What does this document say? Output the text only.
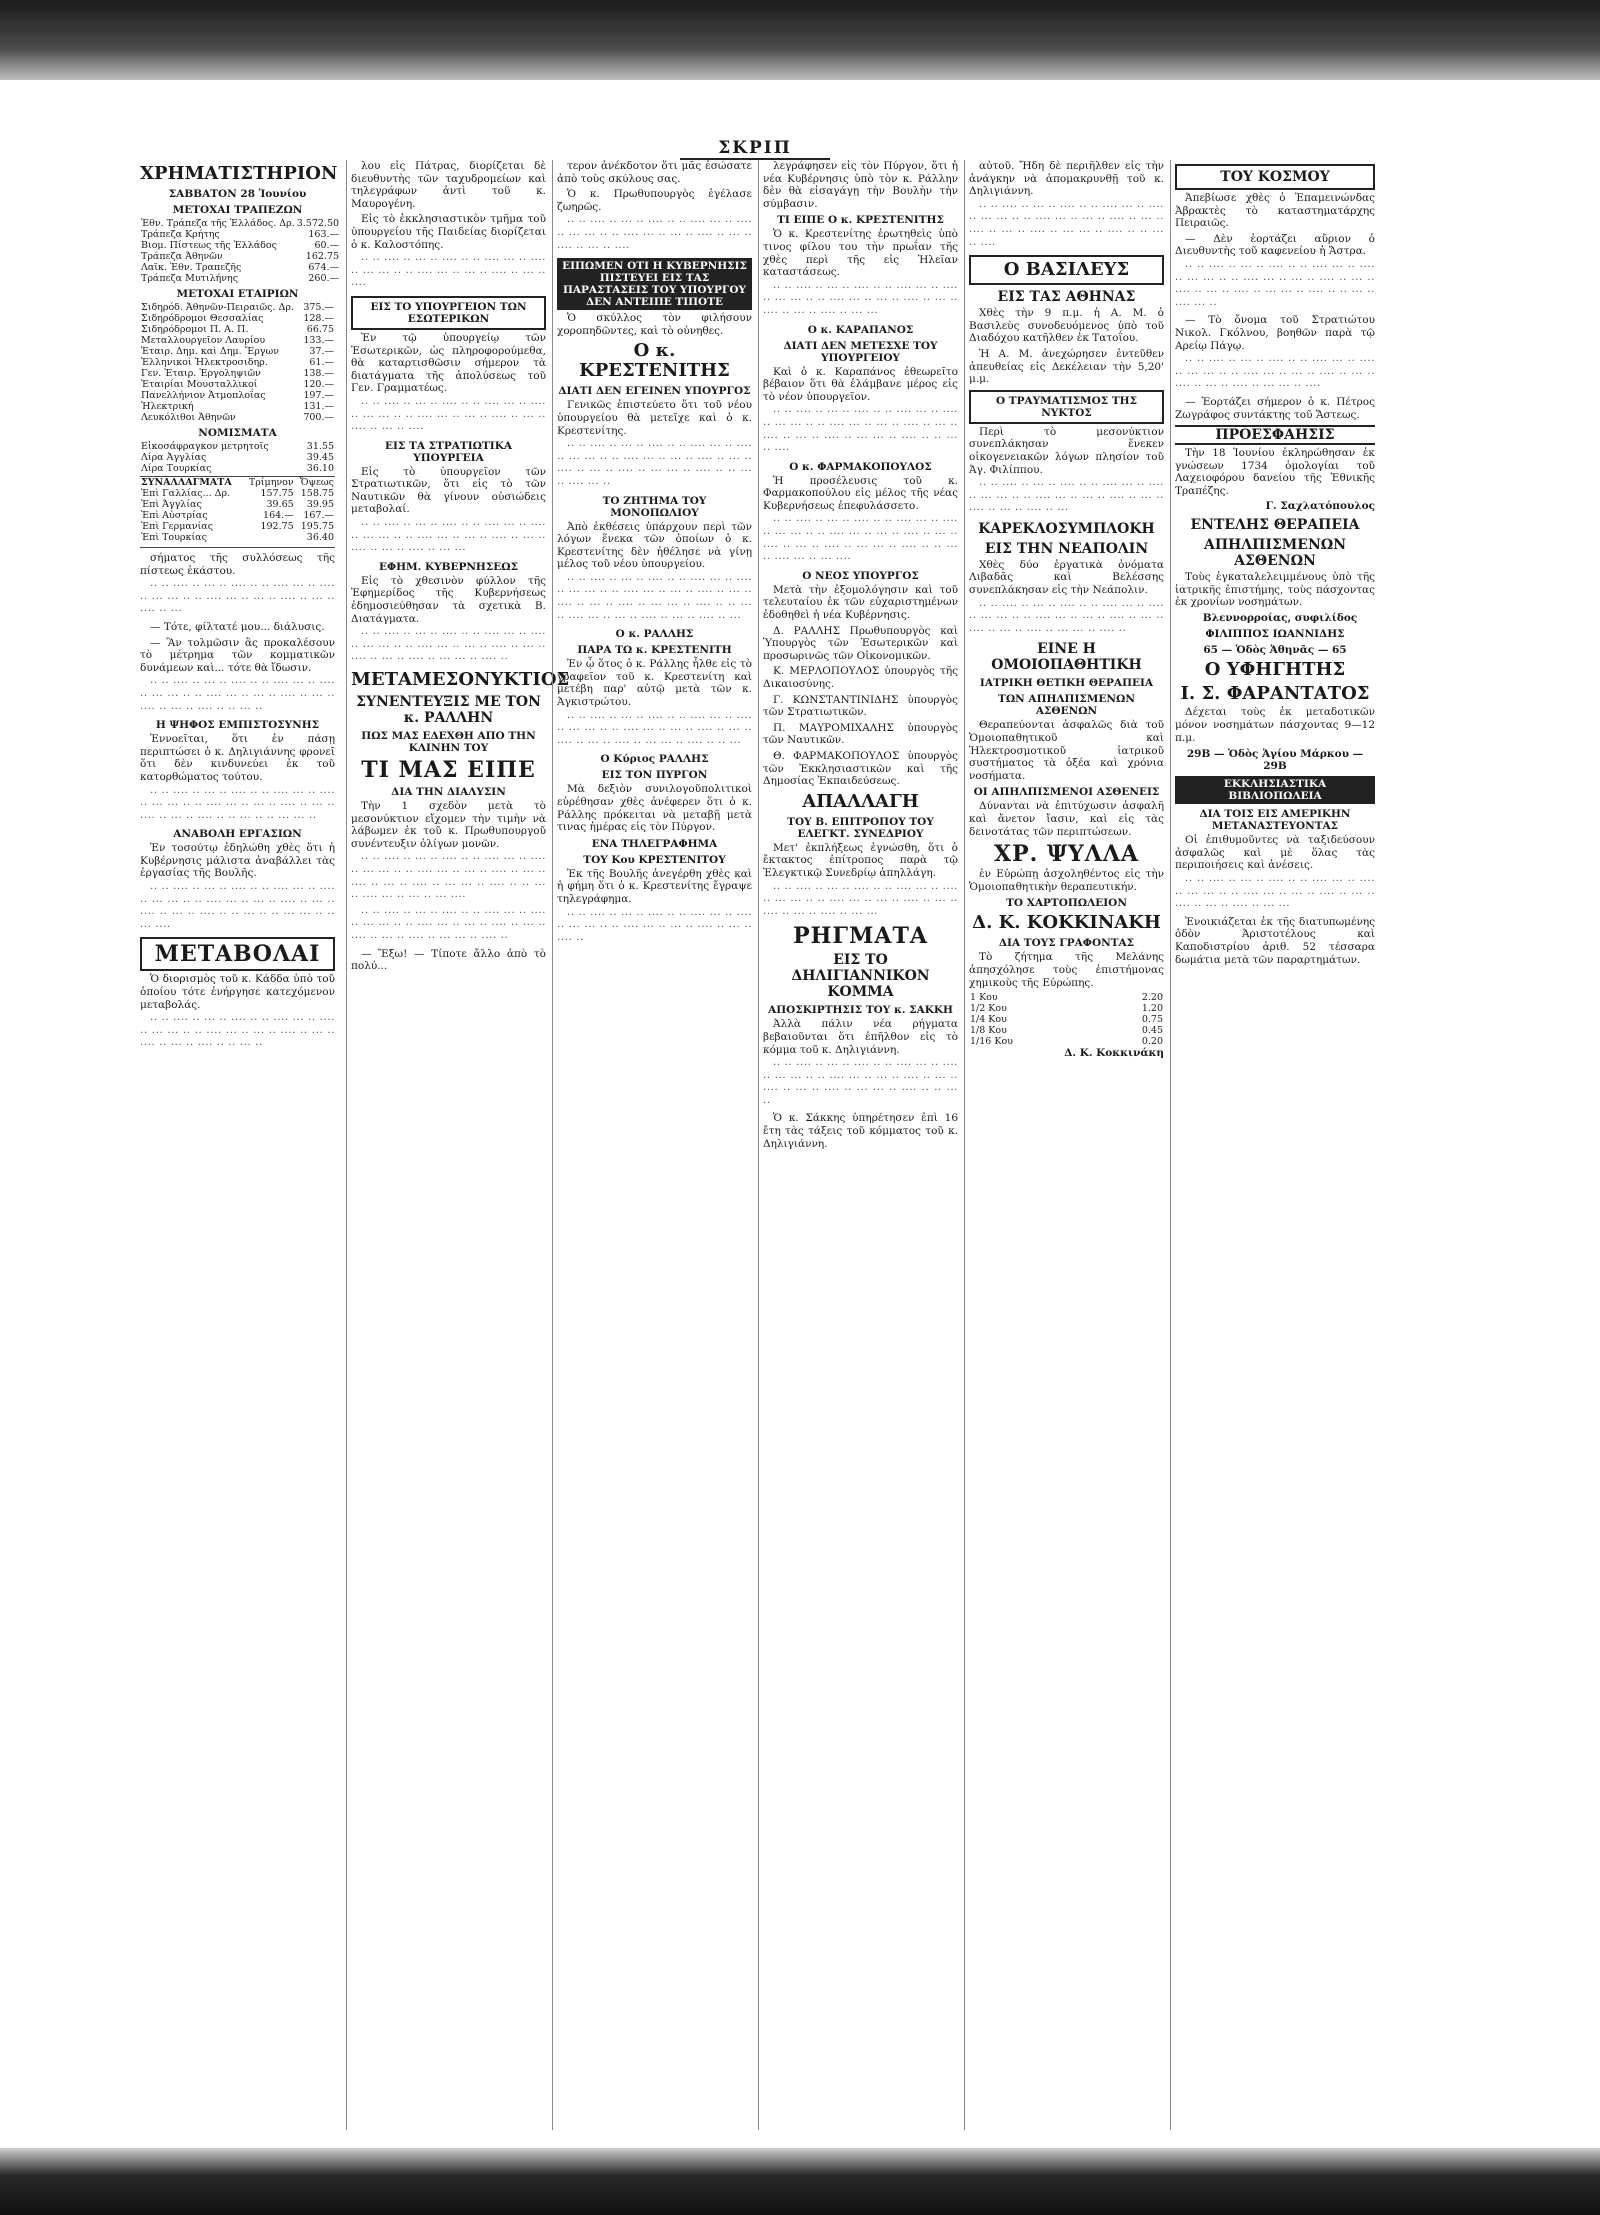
ΣΚΡΙΠ
ΧΡΗΜΑΤΙΣΤΗΡΙΟΝ
ΣΑΒΒΑΤΟΝ 28 Ἰουνίου
ΜΕΤΟΧΑΙ ΤΡΑΠΕΖΩΝ
Ἐθν. Τράπεζα τῆς Ἑλλάδος. Δρ.	3.572.50
Τράπεζα Κρήτης	163.—
Βιομ. Πίστεως τῆς Ἑλλάδος	60.—
Τράπεζα Ἀθηνῶν	162.75
Λαϊκ. Ἐθν. Τραπεζῆς	674.—
Τράπεζα Μυτιλήνης	260.—
ΜΕΤΟΧΑΙ ΕΤΑΙΡΙΩΝ
Σιδηρόδ. Ἀθηνῶν-Πειραιῶς. Δρ.	375.—
Σιδηρόδρομοι Θεσσαλίας	128.—
Σιδηρόδρομοι Π. Α. Π.	66.75
Μεταλλουργεῖον Λαυρίου	133.—
Ἑταιρ. Δημ. καὶ Δημ. Ἔργων	37.—
Ἑλληνικοὶ Ἠλεκτροσιδηρ.	61.—
Γεν. Ἑταιρ. Ἐργοληψιῶν	138.—
Ἑταιρίαι Μουσταλλικοί	120.—
Πανελλήνιον Ἀτμοπλοΐας	197.—
Ἠλεκτρική	131.—
Λευκόλιθοι Ἀθηνῶν	700.—
ΝΟΜΙΣΜΑΤΑ
Εἰκοσάφραγκον μετρητοῖς	31.55
Λίρα Ἀγγλίας	39.45
Λίρα Τουρκίας	36.10
ΣΥΝΑΛΛΑΓΜΑΤΑ	Τρίμηνον	Ὄψεως
Ἐπὶ Γαλλίας... Δρ.	157.75	158.75
Ἐπὶ Ἀγγλίας	39.65	39.95
Ἐπὶ Αὐστρίας	164.—	167.—
Ἐπὶ Γερμανίας	192.75	195.75
Ἐπὶ Τουρκίας		36.40

σήματος τῆς συλλόσεως τῆς πίστεως ἐκάστου.

·· ·· ···· ·· ··· ·· ···· ·· ·· ···· ··· ·· ···· ·· ··· ··· ·· ·· ···· ··· ·· ··· ·· ···· ·· ··· ·· ···· ·· ···

— Τότε, φίλτατέ μου... διάλυσις.

— Ἂν τολμῶσιν ἂς προκαλέσουν τὸ μέτρημα τῶν κομματικῶν δυνάμεων καὶ... τότε θὰ ἴδωσιν.

·· ·· ···· ·· ··· ·· ···· ·· ·· ···· ··· ·· ···· ·· ··· ··· ·· ·· ···· ··· ·· ··· ·· ···· ·· ··· ·· ···· ·· ··· ·· ···· ·· ·· ··· ··

Η ΨΗΦΟΣ ΕΜΠΙΣΤΟΣΥΝΗΣ

Ἐννοεῖται, ὅτι ἐν πάσῃ περιπτώσει ὁ κ. Δηλιγιάννης φρονεῖ ὅτι δὲν κινδυνεύει ἐκ τοῦ κατορθώματος τούτου.

·· ·· ···· ·· ··· ·· ···· ·· ·· ···· ··· ·· ···· ·· ··· ··· ·· ·· ···· ··· ·· ··· ·· ···· ·· ··· ·· ···· ·· ··· ·· ···· ·· ·· ··· ·· ·· ··· ··· ··

ΑΝΑΒΟΛΗ ΕΡΓΑΣΙΩΝ

Ἐν τοσούτῳ ἐδηλώθη χθὲς ὅτι ἡ Κυβέρνησις μάλιστα ἀναβάλλει τὰς ἐργασίας τῆς Βουλῆς.

·· ·· ···· ·· ··· ·· ···· ·· ·· ···· ··· ·· ···· ·· ··· ··· ·· ·· ···· ··· ·· ··· ·· ···· ·· ··· ·· ···· ·· ··· ·· ···· ·· ·· ··· ·· ·· ··· ··· ·· ·· ··· ····

ΜΕΤΑΒΟΛΑΙ

Ὁ διορισμὸς τοῦ κ. Κάδδα ὑπὸ τοῦ ὁποίου τότε ἐνήργησε κατεχόμενον μεταβολάς.

·· ·· ···· ·· ··· ·· ···· ·· ·· ···· ··· ·· ···· ·· ··· ··· ·· ·· ···· ··· ·· ··· ·· ···· ·· ··· ·· ···· ·· ··· ·· ···· ·· ·· ··· ··

λου εἰς Πάτρας, διορίζεται δὲ διευθυντὴς τῶν ταχυδρομείων καὶ τηλεγράφων ἀντὶ τοῦ κ. Μαυρογένη.

Εἰς τὸ ἐκκλησιαστικὸν τμῆμα τοῦ ὑπουργείου τῆς Παιδείας διορίζεται ὁ κ. Καλοστόπης.

·· ·· ···· ·· ··· ·· ···· ·· ·· ···· ··· ·· ···· ·· ··· ··· ·· ·· ···· ··· ·· ··· ·· ···· ·· ··· ·· ····

ΕΙΣ ΤΟ ΥΠΟΥΡΓΕΙΟΝ ΤΩΝ ΕΣΩΤΕΡΙΚΩΝ

Ἐν τῷ ὑπουργείῳ τῶν Ἐσωτερικῶν, ὡς πληροφορούμεθα, θὰ καταρτισθῶσιν σήμερον τὰ διατάγματα τῆς ἀπολύσεως τοῦ Γεν. Γραμματέως.

·· ·· ···· ·· ··· ·· ···· ·· ·· ···· ··· ·· ···· ·· ··· ··· ·· ·· ···· ··· ·· ··· ·· ···· ·· ··· ·· ···· ·· ··· ·· ····

ΕΙΣ ΤΑ ΣΤΡΑΤΙΩΤΙΚΑ ΥΠΟΥΡΓΕΙΑ

Εἰς τὸ ὑπουργεῖον τῶν Στρατιωτικῶν, ὅτι εἰς τὸ τῶν Ναυτικῶν θὰ γίνουν οὐσιώδεις μεταβολαί.

·· ·· ···· ·· ··· ·· ···· ·· ·· ···· ··· ·· ···· ·· ··· ··· ·· ·· ···· ··· ·· ··· ·· ···· ·· ··· ·· ···· ·· ··· ·· ···· ·· ··· ···

ΕΦΗΜ. ΚΥΒΕΡΝΗΣΕΩΣ

Εἰς τὸ χθεσινὸν φύλλον τῆς Ἐφημερίδος τῆς Κυβερνήσεως ἐδημοσιεύθησαν τὰ σχετικὰ Β. Διατάγματα.

·· ·· ···· ·· ··· ·· ···· ·· ·· ···· ··· ·· ···· ·· ··· ··· ·· ·· ···· ··· ·· ··· ·· ···· ·· ··· ·· ···· ·· ··· ·· ···· ·· ··· ··· ·· ···· ··

ΜΕΤΑΜΕΣΟΝΥΚΤΙΟΣ
ΣΥΝΕΝΤΕΥΞΙΣ ΜΕ ΤΟΝ κ. ΡΑΛΛΗΝ
ΠΩΣ ΜΑΣ ΕΔΕΧΘΗ ΑΠΟ ΤΗΝ ΚΛΙΝΗΝ ΤΟΥ
ΤΙ ΜΑΣ ΕΙΠΕ
ΔΙΑ ΤΗΝ ΔΙΑΛΥΣΙΝ

Τὴν 1 σχεδὸν μετὰ τὸ μεσονύκτιον εἴχομεν τὴν τιμὴν νὰ λάβωμεν ἐκ τοῦ κ. Πρωθυπουργοῦ συνέντευξιν ὀλίγων μονῶν.

·· ·· ···· ·· ··· ·· ···· ·· ·· ···· ··· ·· ···· ·· ··· ··· ·· ·· ···· ··· ·· ··· ·· ···· ·· ··· ·· ···· ·· ··· ·· ···· ·· ··· ··· ·· ···· ·· ·· ··· ·· ···· ··· ·· ··· ·· ··· ····

·· ·· ···· ·· ··· ·· ···· ·· ·· ···· ··· ·· ···· ·· ··· ··· ·· ·· ···· ··· ·· ··· ·· ···· ·· ··· ·· ···· ·· ··· ·· ···· ·· ··· ··· ·· ···· ··

— Ἔξω! — Τίποτε ἄλλο ἀπὸ τὸ πολύ...

τερον ἀνέκδοτον ὅτι μᾶς ἐσώσατε ἀπὸ τοὺς σκύλους σας.

Ὁ κ. Πρωθυπουργὸς ἐγέλασε ζωηρῶς.

·· ·· ···· ·· ··· ·· ···· ·· ·· ···· ··· ·· ···· ·· ··· ··· ·· ·· ···· ··· ·· ··· ·· ···· ·· ··· ·· ···· ·· ··· ·· ····

ΕΙΠΩΜΕΝ ΟΤΙ Η ΚΥΒΕΡΝΗΣΙΣ ΠΙΣΤΕΥΕΙ ΕΙΣ ΤΑΣ ΠΑΡΑΣΤΑΣΕΙΣ ΤΟΥ ΥΠΟΥΡΓΟΥ ΔΕΝ ΑΝΤΕΙΠΕ ΤΙΠΟΤΕ

Ὁ σκύλλος τὸν φιλήσουν χοροπηδῶντες, καὶ τὸ οὐνηθες.

Ο κ. ΚΡΕΣΤΕΝΙΤΗΣ
ΔΙΑΤΙ ΔΕΝ ΕΓΕΙΝΕΝ ΥΠΟΥΡΓΟΣ

Γενικῶς ἐπιστεύετο ὅτι τοῦ νέου ὑπουργείου θὰ μετεῖχε καὶ ὁ κ. Κρεστενίτης.

·· ·· ···· ·· ··· ·· ···· ·· ·· ···· ··· ·· ···· ·· ··· ··· ·· ·· ···· ··· ·· ··· ·· ···· ·· ··· ·· ···· ·· ··· ·· ···· ·· ··· ··· ·· ···· ·· ·· ··· ·· ···· ··· ··

ΤΟ ΖΗΤΗΜΑ ΤΟΥ ΜΟΝΟΠΩΛΙΟΥ

Ἀπὸ ἐκθέσεις ὑπάρχουν περὶ τῶν λόγων ἕνεκα τῶν ὁποίων ὁ κ. Κρεστενίτης δὲν ἠθέλησε νὰ γίνῃ μέλος τοῦ νέου ὑπουργείου.

·· ·· ···· ·· ··· ·· ···· ·· ·· ···· ··· ·· ···· ·· ··· ··· ·· ·· ···· ··· ·· ··· ·· ···· ·· ··· ·· ···· ·· ··· ·· ···· ·· ··· ··· ·· ···· ·· ·· ··· ·· ···· ··· ·· ··· ·· ···· ·· ··· ·· ···· ·· ···

Ο κ. ΡΑΛΛΗΣ
ΠΑΡΑ ΤΩ κ. ΚΡΕΣΤΕΝΙΤΗ

Ἐν ᾧ ὅτος ὁ κ. Ράλλης ἦλθε εἰς τὸ γραφεῖον τοῦ κ. Κρεστενίτη καὶ μετέβη παρ' αὐτῷ μετὰ τῶν κ. Ἀγκιστρώτου.

·· ·· ···· ·· ··· ·· ···· ·· ·· ···· ··· ·· ···· ·· ··· ··· ·· ·· ···· ··· ·· ··· ·· ···· ·· ··· ·· ···· ·· ··· ·· ···· ·· ··· ··· ·· ···· ·· ·· ···

Ο Κύριος ΡΑΛΛΗΣ
ΕΙΣ ΤΟΝ ΠΥΡΓΟΝ

Μὰ δεξιὸν συνιλογοῦπολιτικοὶ εὐρέθησαν χθὲς ἀνέφερεν ὅτι ὁ κ. Ράλλης πρόκειται νὰ μεταβῇ μετὰ τινας ἡμέρας εἰς τὸν Πύργον.

ΕΝΑ ΤΗΛΕΓΡΑΦΗΜΑ
ΤΟΥ Κου ΚΡΕΣΤΕΝΙΤΟΥ

Ἐκ τῆς Βουλῆς ἀνεγέρθη χθὲς καὶ ἡ φήμη ὅτι ὁ κ. Κρεστενίτης ἔγραψε τηλεγράφημα.

·· ·· ···· ·· ··· ·· ···· ·· ·· ···· ··· ·· ···· ·· ··· ··· ·· ·· ···· ··· ·· ··· ·· ···· ·· ··· ·· ···· ··

λεγράφησεν εἰς τὸν Πύργον, ὅτι ἡ νέα Κυβέρνησις ὑπὸ τὸν κ. Ράλλην δὲν θὰ εἰσαγάγῃ τὴν Βουλὴν τὴν σύμβασιν.

ΤΙ ΕΙΠΕ Ο κ. ΚΡΕΣΤΕΝΙΤΗΣ

Ὁ κ. Κρεστενίτης ἐρωτηθεὶς ὑπὸ τινος φίλου του τὴν πρωΐαν τῆς χθὲς περὶ τῆς εἰς Ἠλεῖαν καταστάσεως.

·· ·· ···· ·· ··· ·· ···· ·· ·· ···· ··· ·· ···· ·· ··· ··· ·· ·· ···· ··· ·· ··· ·· ···· ·· ··· ·· ···· ·· ··· ·· ···· ·· ··· ···

Ο κ. ΚΑΡΑΠΑΝΟΣ
ΔΙΑΤΙ ΔΕΝ ΜΕΤΕΣΧΕ ΤΟΥ ΥΠΟΥΡΓΕΙΟΥ

Καὶ ὁ κ. Καραπάνος ἐθεωρεῖτο βέβαιον ὅτι θὰ ἐλάμβανε μέρος εἰς τὸ νέον ὑπουργεῖον.

·· ·· ···· ·· ··· ·· ···· ·· ·· ···· ··· ·· ···· ·· ··· ··· ·· ·· ···· ··· ·· ··· ·· ···· ·· ··· ·· ···· ·· ··· ·· ···· ·· ··· ··· ·· ···· ·· ·· ··· ·· ····

Ο κ. ΦΑΡΜΑΚΟΠΟΥΛΟΣ

Ἡ προσέλευσις τοῦ κ. Φαρμακοπούλου εἰς μέλος τῆς νέας Κυβερνήσεως ἐπεφυλάσσετο.

·· ·· ···· ·· ··· ·· ···· ·· ·· ···· ··· ·· ···· ·· ··· ··· ·· ·· ···· ··· ·· ··· ·· ···· ·· ··· ·· ···· ·· ··· ·· ···· ·· ··· ··· ·· ···· ·· ·· ··· ·· ···· ··· ·· ··· ····

Ο ΝΕΟΣ ΥΠΟΥΡΓΟΣ

Μετὰ τὴν ἐξομολόγησιν καὶ τοῦ τελευταίου ἐκ τῶν εὐχαριστημένων ἐδοθηθεὶ ἡ νέα Κυβέρνησις.

Δ. ΡΑΛΛΗΣ Πρωθυπουργὸς καὶ Ὑπουργὸς τῶν Ἐσωτερικῶν καὶ προσωρινῶς τῶν Οἰκονομικῶν.

Κ. ΜΕΡΛΟΠΟΥΛΟΣ ὑπουργὸς τῆς Δικαιοσύνης.

Γ. ΚΩΝΣΤΑΝΤΙΝΙΔΗΣ ὑπουργὸς τῶν Στρατιωτικῶν.

Π. ΜΑΥΡΟΜΙΧΑΛΗΣ ὑπουργὸς τῶν Ναυτικῶν.

Θ. ΦΑΡΜΑΚΟΠΟΥΛΟΣ ὑπουργὸς τῶν Ἐκκλησιαστικῶν καὶ τῆς Δημοσίας Ἐκπαιδεύσεως.

ΑΠΑΛΛΑΓΗ
ΤΟΥ Β. ΕΠΙΤΡΟΠΟΥ ΤΟΥ ΕΛΕΓΚΤ. ΣΥΝΕΔΡΙΟΥ

Μετ' ἐκπλήξεως ἐγνώσθη, ὅτι ὁ ἔκτακτος ἐπίτροπος παρὰ τῷ Ἐλεγκτικῷ Συνεδρίῳ ἀπηλλάγη.

·· ·· ···· ·· ··· ·· ···· ·· ·· ···· ··· ·· ···· ·· ··· ··· ·· ·· ···· ··· ·· ··· ·· ···· ·· ··· ·· ···· ·· ··· ·· ···· ·· ··· ···

ΡΗΓΜΑΤΑ
ΕΙΣ ΤΟ ΔΗΛΙΓΙΑΝΝΙΚΟΝ ΚΟΜΜΑ
ΑΠΟΣΚΙΡΤΗΣΙΣ ΤΟΥ κ. ΣΑΚΚΗ

Ἀλλὰ πάλιν νέα ρήγματα βεβαιοῦνται ὅτι ἐπῆλθον εἰς τὸ κόμμα τοῦ κ. Δηλιγιάννη.

·· ·· ···· ·· ··· ·· ···· ·· ·· ···· ··· ·· ···· ·· ··· ··· ·· ·· ···· ··· ·· ··· ·· ···· ·· ··· ·· ···· ·· ··· ·· ···· ·· ··· ··· ·· ···· ·· ·· ··· ··

Ὁ κ. Σάκκης ὑπηρέτησεν ἐπὶ 16 ἔτη τὰς τάξεις τοῦ κόμματος τοῦ κ. Δηλιγιάννη.

αὐτοῦ. Ἤδη δὲ περιῆλθεν εἰς τὴν ἀνάγκην νὰ ἀπομακρυνθῇ τοῦ κ. Δηλιγιάννη.

·· ·· ···· ·· ··· ·· ···· ·· ·· ···· ··· ·· ···· ·· ··· ··· ·· ·· ···· ··· ·· ··· ·· ···· ·· ··· ·· ···· ·· ··· ·· ···· ·· ··· ··· ·· ···· ·· ·· ··· ·· ····

Ο ΒΑΣΙΛΕΥΣ
ΕΙΣ ΤΑΣ ΑΘΗΝΑΣ

Χθὲς τὴν 9 π.μ. ἡ Α. Μ. ὁ Βασιλεὺς συνοδευόμενος ὑπὸ τοῦ Διαδόχου κατῆλθεν ἐκ Τατοΐου.

Ἡ Α. Μ. ἀνεχώρησεν ἐντεῦθεν ἀπευθείας εἰς Δεκέλειαν τὴν 5,20' μ.μ.

Ο ΤΡΑΥΜΑΤΙΣΜΟΣ ΤΗΣ ΝΥΚΤΟΣ

Περὶ τὸ μεσονύκτιον συνεπλάκησαν ἕνεκεν οἰκογενειακῶν λόγων πλησίον τοῦ Ἀγ. Φιλίππου.

·· ·· ···· ·· ··· ·· ···· ·· ·· ···· ··· ·· ···· ·· ··· ··· ·· ·· ···· ··· ·· ··· ·· ···· ·· ··· ·· ···· ·· ··· ·· ···· ·· ···

ΚΑΡΕΚΛΟΣΥΜΠΛΟΚΗ
ΕΙΣ ΤΗΝ ΝΕΑΠΟΛΙΝ

Χθὲς δύο ἐργατικὰ ὀνόματα Λιβαδᾶς καὶ Βελέσσης συνεπλάκησαν εἰς τὴν Νεάπολιν.

·· ·· ···· ·· ··· ·· ···· ·· ·· ···· ··· ·· ···· ·· ··· ··· ·· ·· ···· ··· ·· ··· ·· ···· ·· ··· ·· ···· ·· ··· ·· ···· ·· ··· ··· ·· ···· ··

ΕΙΝΕ Η ΟΜΟΙΟΠΑΘΗΤΙΚΗ
ΙΑΤΡΙΚΗ ΘΕΤΙΚΗ ΘΕΡΑΠΕΙΑ
ΤΩΝ ΑΠΗΛΠΙΣΜΕΝΩΝ ΑΣΘΕΝΩΝ

Θεραπεύονται ἀσφαλῶς διὰ τοῦ Ὁμοιοπαθητικοῦ καὶ Ἠλεκτροσμοτικοῦ ἰατρικοῦ συστήματος τὰ ὀξέα καὶ χρόνια νοσήματα.

ΟΙ ΑΠΗΛΠΙΣΜΕΝΟΙ ΑΣΘΕΝΕΙΣ

Δύνανται νὰ ἐπιτύχωσιν ἀσφαλῆ καὶ ἄνετον ἴασιν, καὶ εἰς τὰς δεινοτάτας τῶν περιπτώσεων.

ΧΡ. ΨΥΛΛΑ

ἐν Εὐρώπῃ ἀσχοληθέντος εἰς τὴν Ὁμοιοπαθητικὴν θεραπευτικήν.

ΤΟ ΧΑΡΤΟΠΩΛΕΙΟΝ
Δ. Κ. ΚΟΚΚΙΝΑΚΗ
ΔΙΑ ΤΟΥΣ ΓΡΑΦΟΝΤΑΣ

Τὸ ζήτημα τῆς Μελάνης ἀπησχόλησε τοὺς ἐπιστήμονας χημικοὺς τῆς Εὐρώπης.

1 Κου	2.20
1/2 Κου	1.20
1/4 Κου	0.75
1/8 Κου	0.45
1/16 Κου	0.20

Δ. Κ. Κοκκινάκη

ΤΟΥ ΚΟΣΜΟΥ

Ἀπεβίωσε χθὲς ὁ Ἐπαμεινώνδας Ἀβρακτὲς τὸ καταστηματάρχης Πειραιῶς.

— Δὲν ἑορτάζει αὔριον ὁ Διευθυντὴς τοῦ καφενείου ἡ Ἄστρα.

·· ·· ···· ·· ··· ·· ···· ·· ·· ···· ··· ·· ···· ·· ··· ··· ·· ·· ···· ··· ·· ··· ·· ···· ·· ··· ·· ···· ·· ··· ·· ···· ·· ··· ··· ·· ···· ·· ·· ··· ·· ···· ··· ··

— Τὸ ὄνομα τοῦ Στρατιώτου Νικολ. Γκόλνου, βοηθῶν παρὰ τῷ Αρείῳ Πάγῳ.

·· ·· ···· ·· ··· ·· ···· ·· ·· ···· ··· ·· ···· ·· ··· ··· ·· ·· ···· ··· ·· ··· ·· ···· ·· ··· ·· ···· ·· ··· ·· ···· ·· ··· ··· ·· ····

— Ἑορτάζει σήμερον ὁ κ. Πέτρος Ζωγράφος συντάκτης τοῦ Ἄστεως.

ΠΡΟΕΣΦΑΗΣΙΣ

Τὴν 18 Ἰουνίου ἐκληρώθησαν ἐκ γνώσεων 1734 ὁμολογίαι τοῦ Λαχειοφόρου δανείου τῆς Ἐθνικῆς Τραπέζης.

Γ. Σαχλατόπουλος

ΕΝΤΕΛΗΣ ΘΕΡΑΠΕΙΑ
ΑΠΗΛΠΙΣΜΕΝΩΝ ΑΣΘΕΝΩΝ

Τοὺς ἐγκαταλελειμμένους ὑπὸ τῆς ἰατρικῆς ἐπιστήμης, τοὺς πάσχοντας ἐκ χρονίων νοσημάτων.

Βλεννορροίας, συφιλίδος

ΦΙΛΙΠΠΟΣ ΙΩΑΝΝΙΔΗΣ
65 — Ὁδὸς Ἀθηνᾶς — 65
Ο ΥΦΗΓΗΤΗΣ
Ι. Σ. ΦΑΡΑΝΤΑΤΟΣ

Δέχεται τοὺς ἐκ μεταδοτικῶν μόνον νοσημάτων πάσχοντας 9—12 π.μ.

29Β — Ὁδὸς Ἁγίου Μάρκου — 29Β
ΕΚΚΛΗΣΙΑΣΤΙΚΑ ΒΙΒΛΙΟΠΩΛΕΙΑ
ΔΙΑ ΤΟΙΣ ΕΙΣ ΑΜΕΡΙΚΗΝ ΜΕΤΑΝΑΣΤΕΥΟΝΤΑΣ

Οἱ ἐπιθυμοῦντες νὰ ταξιδεύσουν ἀσφαλῶς καὶ μὲ ὅλας τὰς περιποιήσεις καὶ ἀνέσεις.

·· ·· ···· ·· ··· ·· ···· ·· ·· ···· ··· ·· ···· ·· ··· ··· ·· ·· ···· ··· ·· ··· ·· ···· ·· ··· ·· ···· ·· ··· ·· ···· ·· ··· ···

Ἐνοικιάζεται ἐκ τῆς διατυπωμένης ὁδὸν Ἀριστοτέλους καὶ Καποδιστρίου ἀριθ. 52 τέσσαρα δωμάτια μετὰ τῶν παραρτημάτων.
